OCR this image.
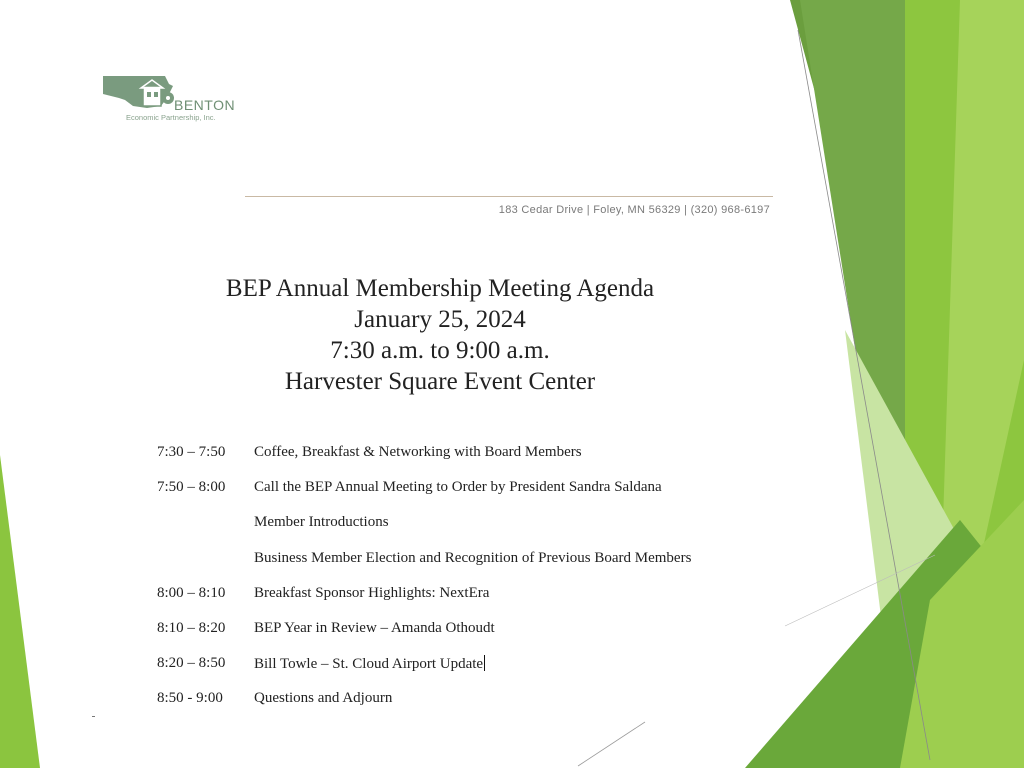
BENTON
Economic Partnership, Inc.
183 Cedar Drive | Foley, MN 56329 | (320) 968-6197
BEP Annual Membership Meeting Agenda
January 25, 2024
7:30 a.m. to 9:00 a.m.
Harvester Square Event Center
7:30 – 7:50 Coffee, Breakfast & Networking with Board Members
7:50 – 8:00 Call the BEP Annual Meeting to Order by President Sandra Saldana
Member Introductions
Business Member Election and Recognition of Previous Board Members
8:00 – 8:10 Breakfast Sponsor Highlights: NextEra
8:10 – 8:20 BEP Year in Review – Amanda Othoudt
8:20 – 8:50 Bill Towle – St. Cloud Airport Update
8:50 - 9:00 Questions and Adjourn
